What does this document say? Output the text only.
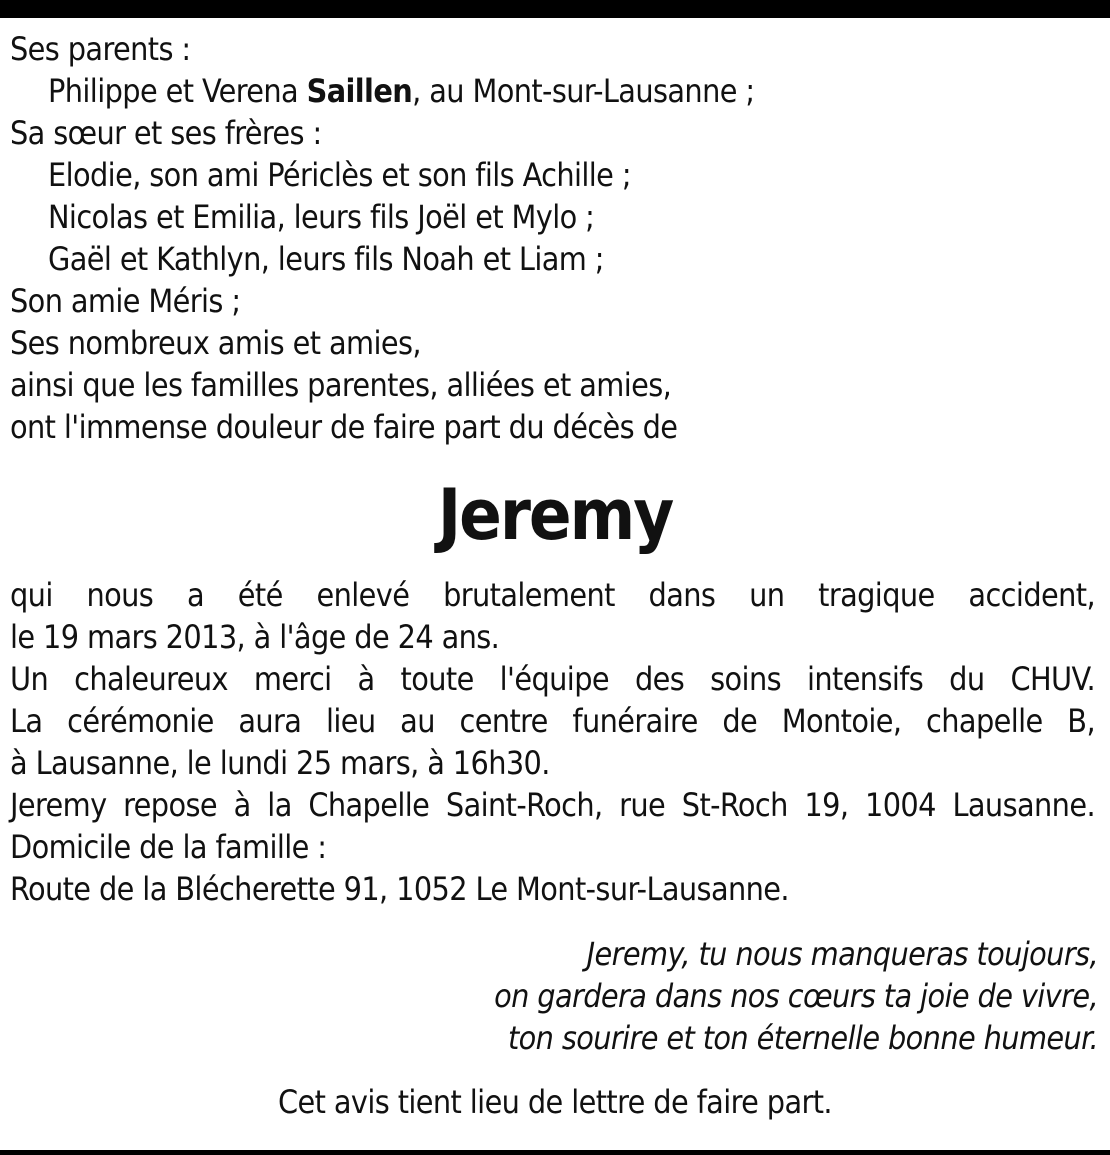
Ses parents :
Philippe et Verena Saillen, au Mont-sur-Lausanne ;
Sa sœur et ses frères :
Elodie, son ami Périclès et son fils Achille ;
Nicolas et Emilia, leurs fils Joël et Mylo ;
Gaël et Kathlyn, leurs fils Noah et Liam ;
Son amie Méris ;
Ses nombreux amis et amies,
ainsi que les familles parentes, alliées et amies,
ont l'immense douleur de faire part du décès de
Jeremy
qui nous a été enlevé brutalement dans un tragique accident,
le 19 mars 2013, à l'âge de 24 ans.
Un chaleureux merci à toute l'équipe des soins intensifs du CHUV.
La cérémonie aura lieu au centre funéraire de Montoie, chapelle B,
à Lausanne, le lundi 25 mars, à 16h30.
Jeremy repose à la Chapelle Saint-Roch, rue St-Roch 19, 1004 Lausanne.
Domicile de la famille :
Route de la Blécherette 91, 1052 Le Mont-sur-Lausanne.
Jeremy, tu nous manqueras toujours,
on gardera dans nos cœurs ta joie de vivre,
ton sourire et ton éternelle bonne humeur.
Cet avis tient lieu de lettre de faire part.
